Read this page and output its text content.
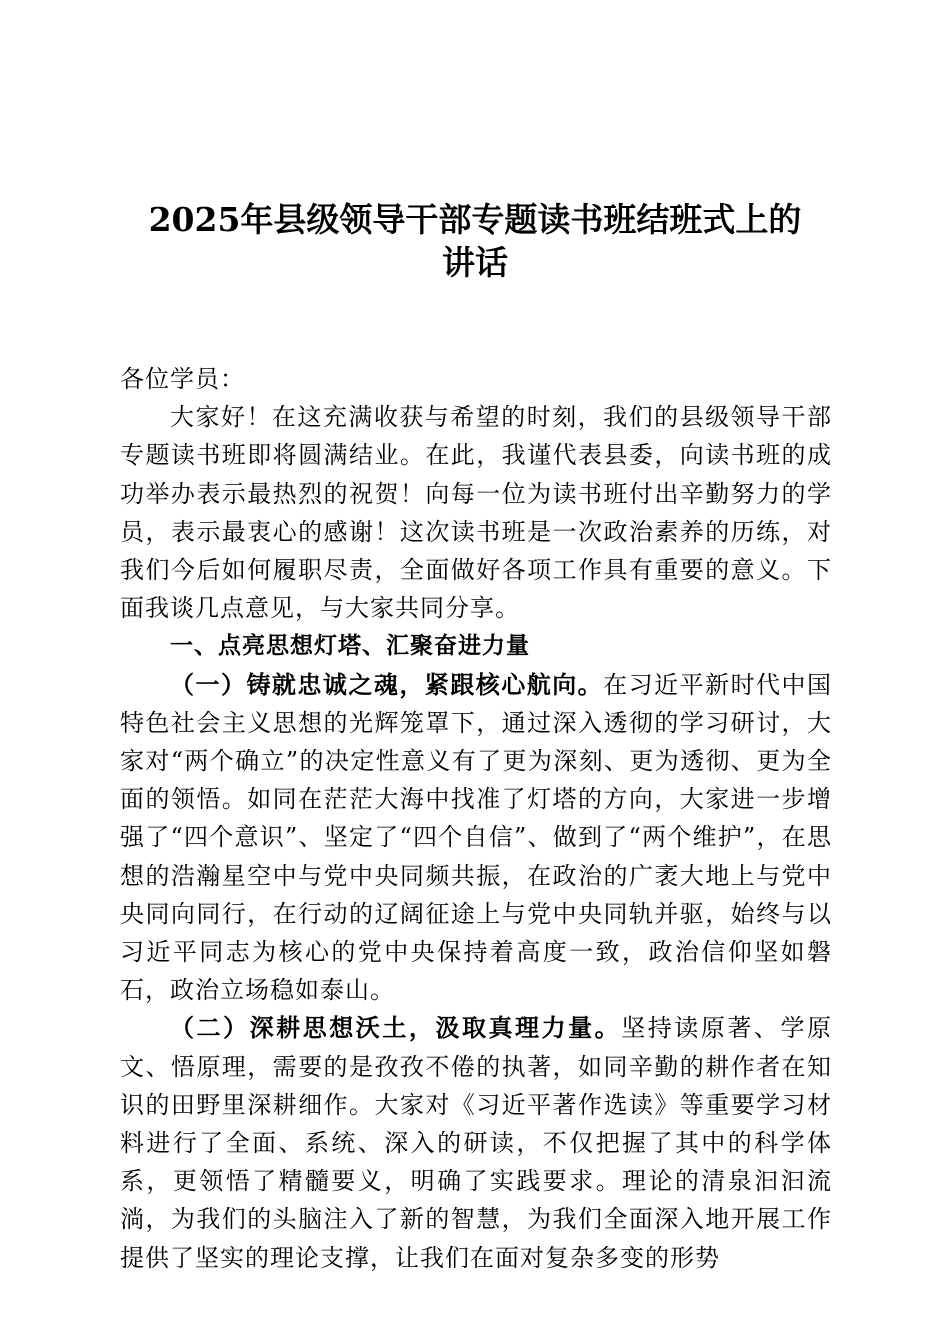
2025年县级领导干部专题读书班结班式上的
讲话

各位学员：

大家好！在这充满收获与希望的时刻，我们的县级领导干部专题读书班即将圆满结业。在此，我谨代表县委，向读书班的成功举办表示最热烈的祝贺！向每一位为读书班付出辛勤努力的学员，表示最衷心的感谢！这次读书班是一次政治素养的历练，对我们今后如何履职尽责，全面做好各项工作具有重要的意义。下面我谈几点意见，与大家共同分享。

一、点亮思想灯塔、汇聚奋进力量

（一）铸就忠诚之魂，紧跟核心航向。在习近平新时代中国特色社会主义思想的光辉笼罩下，通过深入透彻的学习研讨，大家对“两个确立”的决定性意义有了更为深刻、更为透彻、更为全面的领悟。如同在茫茫大海中找准了灯塔的方向，大家进一步增强了“四个意识”、坚定了“四个自信”、做到了“两个维护”，在思想的浩瀚星空中与党中央同频共振，在政治的广袤大地上与党中央同向同行，在行动的辽阔征途上与党中央同轨并驱，始终与以习近平同志为核心的党中央保持着高度一致，政治信仰坚如磐石，政治立场稳如泰山。

（二）深耕思想沃土，汲取真理力量。坚持读原著、学原文、悟原理，需要的是孜孜不倦的执著，如同辛勤的耕作者在知识的田野里深耕细作。大家对《习近平著作选读》等重要学习材料进行了全面、系统、深入的研读，不仅把握了其中的科学体系，更领悟了精髓要义，明确了实践要求。理论的清泉汩汩流淌，为我们的头脑注入了新的智慧，为我们全面深入地开展工作提供了坚实的理论支撑，让我们在面对复杂多变的形势
